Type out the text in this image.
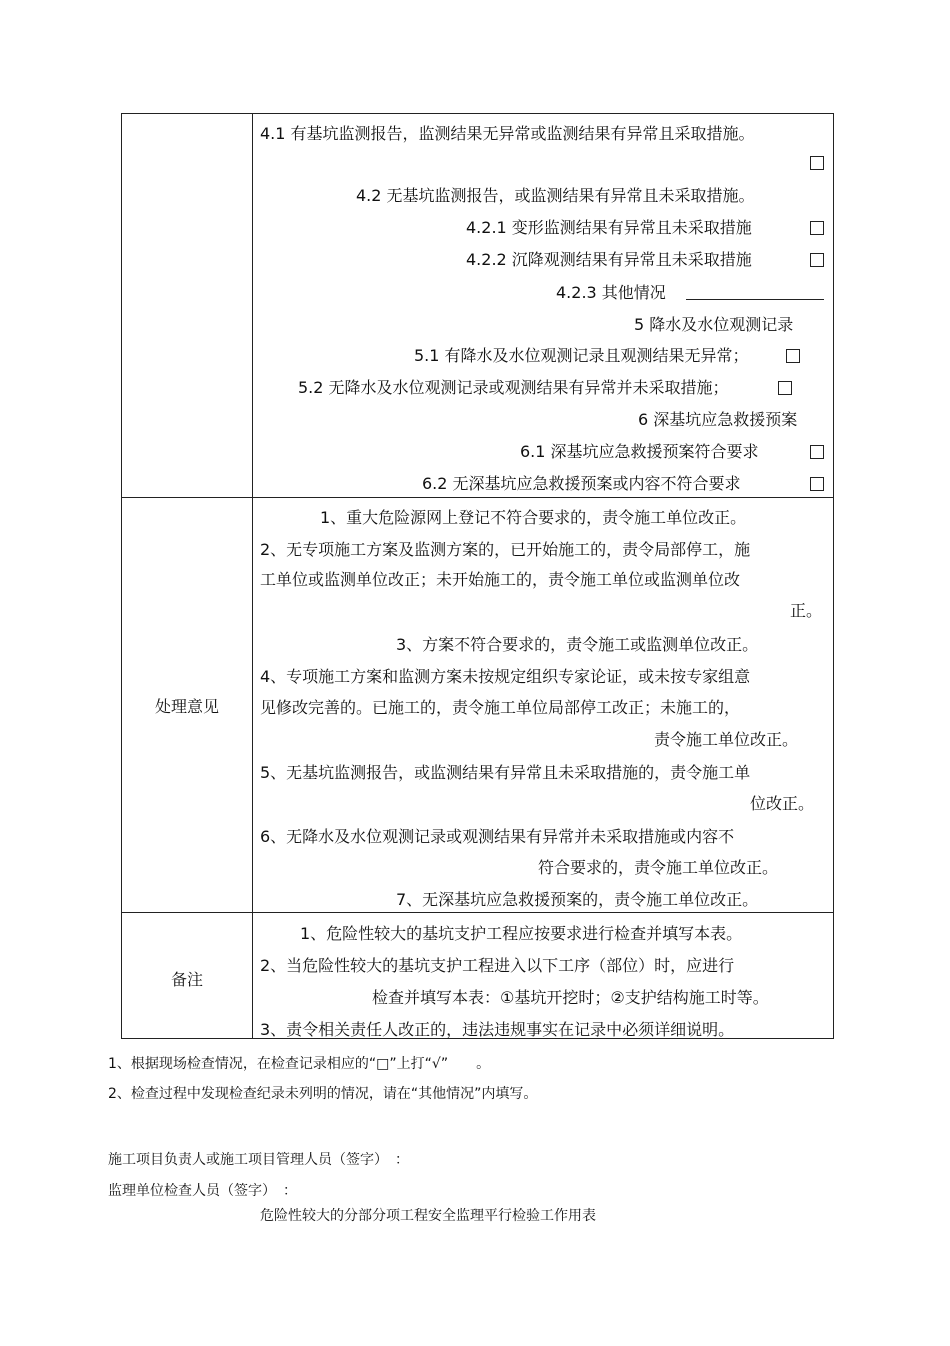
处理意见
备注
4.1 有基坑监测报告，监测结果无异常或监测结果有异常且采取措施。
4.2 无基坑监测报告，或监测结果有异常且未采取措施。
4.2.1 变形监测结果有异常且未采取措施
4.2.2 沉降观测结果有异常且未采取措施
4.2.3 其他情况
5 降水及水位观测记录
5.1 有降水及水位观测记录且观测结果无异常；
5.2 无降水及水位观测记录或观测结果有异常并未采取措施；
6 深基坑应急救援预案
6.1 深基坑应急救援预案符合要求
6.2 无深基坑应急救援预案或内容不符合要求
1、重大危险源网上登记不符合要求的，责令施工单位改正。
2、无专项施工方案及监测方案的，已开始施工的，责令局部停工，施
工单位或监测单位改正；未开始施工的，责令施工单位或监测单位改
正。
3、方案不符合要求的，责令施工或监测单位改正。
4、专项施工方案和监测方案未按规定组织专家论证，或未按专家组意
见修改完善的。已施工的，责令施工单位局部停工改正；未施工的，
责令施工单位改正。
5、无基坑监测报告，或监测结果有异常且未采取措施的，责令施工单
位改正。
6、无降水及水位观测记录或观测结果有异常并未采取措施或内容不
符合要求的，责令施工单位改正。
7、无深基坑应急救援预案的，责令施工单位改正。
1、危险性较大的基坑支护工程应按要求进行检查并填写本表。
2、当危险性较大的基坑支护工程进入以下工序（部位）时，应进行
检查并填写本表：①基坑开挖时；②支护结构施工时等。
3、责令相关责任人改正的，违法违规事实在记录中必须详细说明。
1、根据现场检查情况，在检查记录相应的“□”上打“√”　　。
2、检查过程中发现检查纪录未列明的情况，请在“其他情况”内填写。
施工项目负责人或施工项目管理人员（签字）　：
监理单位检查人员（签字）　：
危险性较大的分部分项工程安全监理平行检验工作用表
